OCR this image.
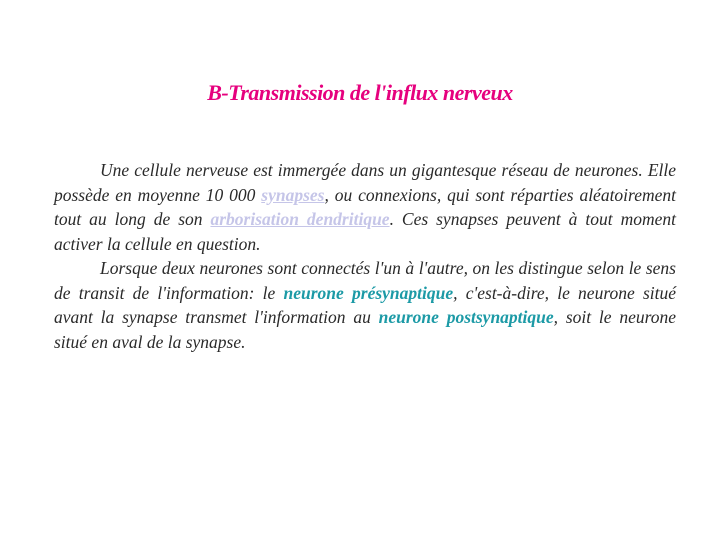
B-Transmission de l'influx nerveux

Une cellule nerveuse est immergée dans un gigantesque réseau de neurones. Elle possède en moyenne 10 000 synapses, ou connexions, qui sont réparties aléatoirement tout au long de son arborisation dendritique. Ces synapses peuvent à tout moment activer la cellule en question.

Lorsque deux neurones sont connectés l'un à l'autre, on les distingue selon le sens de transit de l'information: le neurone présynaptique, c'est-à-dire, le neurone situé avant la synapse transmet l'information au neurone postsynaptique, soit le neurone situé en aval de la synapse.
